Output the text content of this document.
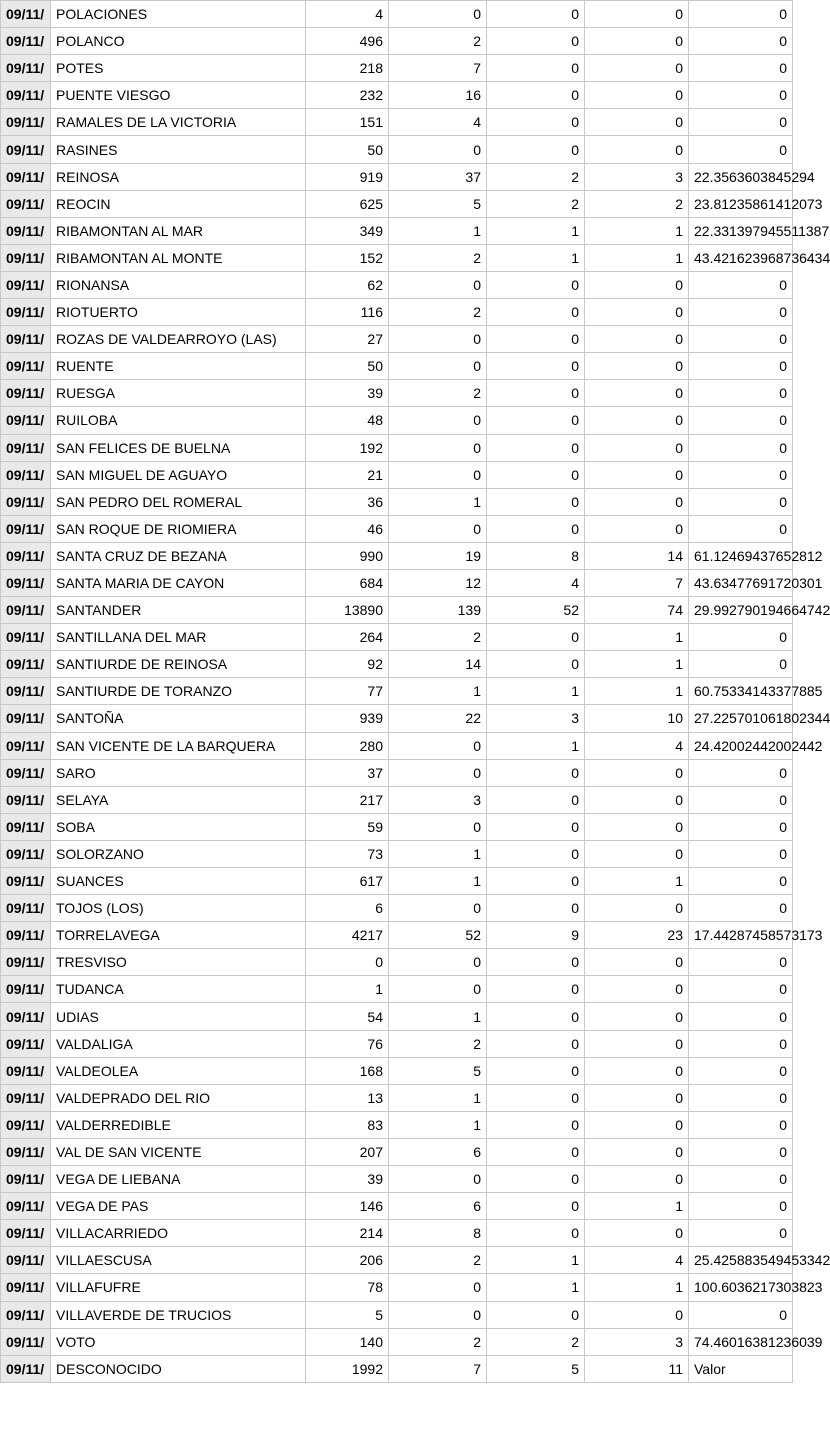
09/11/	POLACIONES	4	0	0	0	0
09/11/	POLANCO	496	2	0	0	0
09/11/	POTES	218	7	0	0	0
09/11/	PUENTE VIESGO	232	16	0	0	0
09/11/	RAMALES DE LA VICTORIA	151	4	0	0	0
09/11/	RASINES	50	0	0	0	0
09/11/	REINOSA	919	37	2	3	22.3563603845294
09/11/	REOCIN	625	5	2	2	23.81235861412073
09/11/	RIBAMONTAN AL MAR	349	1	1	1	22.331397945511387
09/11/	RIBAMONTAN AL MONTE	152	2	1	1	43.421623968736434
09/11/	RIONANSA	62	0	0	0	0
09/11/	RIOTUERTO	116	2	0	0	0
09/11/	ROZAS DE VALDEARROYO (LAS)	27	0	0	0	0
09/11/	RUENTE	50	0	0	0	0
09/11/	RUESGA	39	2	0	0	0
09/11/	RUILOBA	48	0	0	0	0
09/11/	SAN FELICES DE BUELNA	192	0	0	0	0
09/11/	SAN MIGUEL DE AGUAYO	21	0	0	0	0
09/11/	SAN PEDRO DEL ROMERAL	36	1	0	0	0
09/11/	SAN ROQUE DE RIOMIERA	46	0	0	0	0
09/11/	SANTA CRUZ DE BEZANA	990	19	8	14	61.12469437652812
09/11/	SANTA MARIA DE CAYON	684	12	4	7	43.63477691720301
09/11/	SANTANDER	13890	139	52	74	29.992790194664742
09/11/	SANTILLANA DEL MAR	264	2	0	1	0
09/11/	SANTIURDE DE REINOSA	92	14	0	1	0
09/11/	SANTIURDE DE TORANZO	77	1	1	1	60.75334143377885
09/11/	SANTOÑA	939	22	3	10	27.225701061802344
09/11/	SAN VICENTE DE LA BARQUERA	280	0	1	4	24.42002442002442
09/11/	SARO	37	0	0	0	0
09/11/	SELAYA	217	3	0	0	0
09/11/	SOBA	59	0	0	0	0
09/11/	SOLORZANO	73	1	0	0	0
09/11/	SUANCES	617	1	0	1	0
09/11/	TOJOS (LOS)	6	0	0	0	0
09/11/	TORRELAVEGA	4217	52	9	23	17.44287458573173
09/11/	TRESVISO	0	0	0	0	0
09/11/	TUDANCA	1	0	0	0	0
09/11/	UDIAS	54	1	0	0	0
09/11/	VALDALIGA	76	2	0	0	0
09/11/	VALDEOLEA	168	5	0	0	0
09/11/	VALDEPRADO DEL RIO	13	1	0	0	0
09/11/	VALDERREDIBLE	83	1	0	0	0
09/11/	VAL DE SAN VICENTE	207	6	0	0	0
09/11/	VEGA DE LIEBANA	39	0	0	0	0
09/11/	VEGA DE PAS	146	6	0	1	0
09/11/	VILLACARRIEDO	214	8	0	0	0
09/11/	VILLAESCUSA	206	2	1	4	25.425883549453342
09/11/	VILLAFUFRE	78	0	1	1	100.6036217303823
09/11/	VILLAVERDE DE TRUCIOS	5	0	0	0	0
09/11/	VOTO	140	2	2	3	74.46016381236039
09/11/	DESCONOCIDO	1992	7	5	11	Valor
